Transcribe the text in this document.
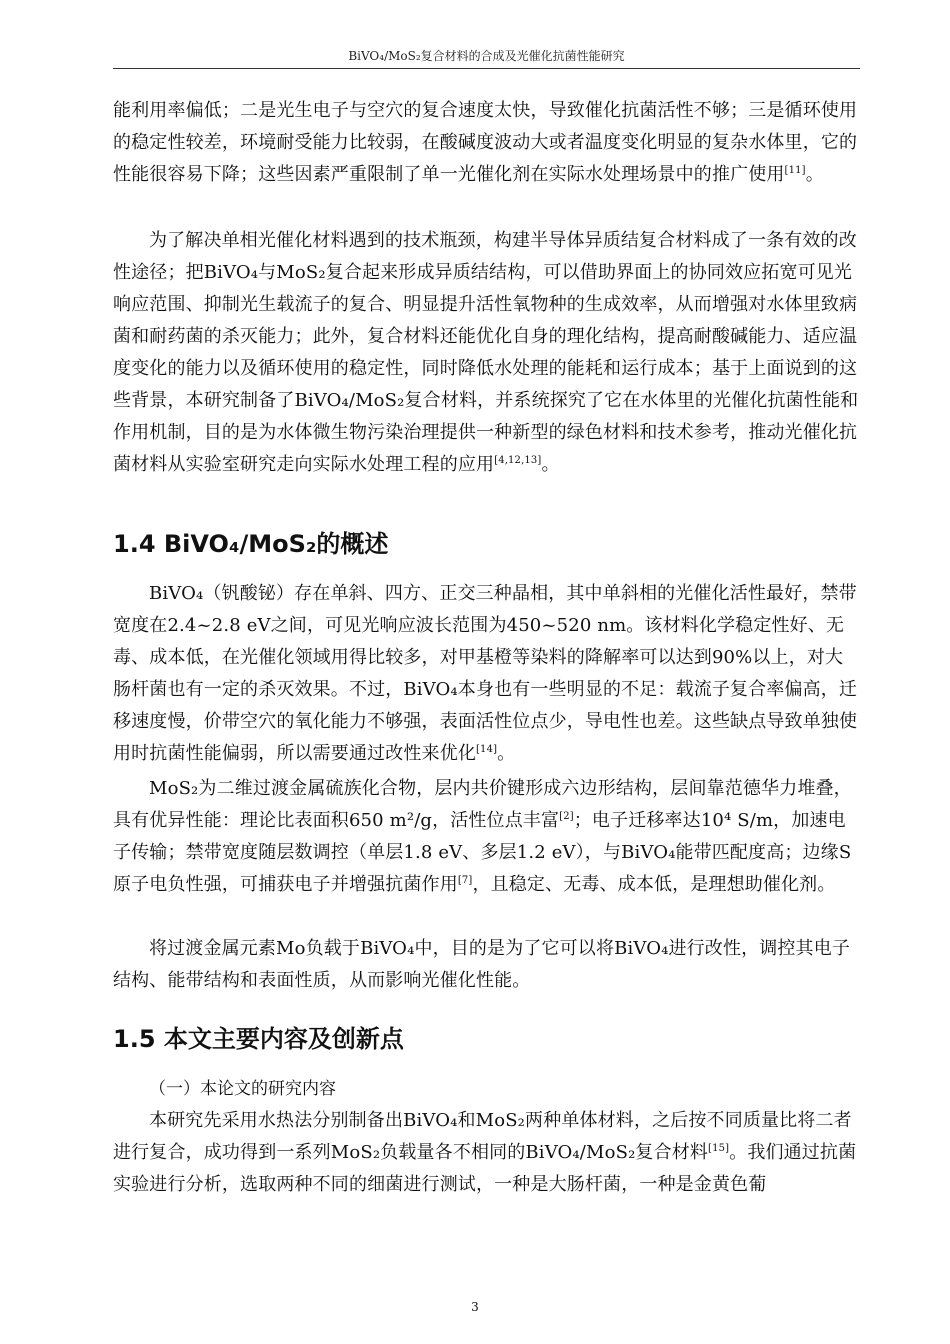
BiVO₄/MoS₂复合材料的合成及光催化抗菌性能研究
能利用率偏低；二是光生电子与空穴的复合速度太快，导致催化抗菌活性不够；三是循环使用的稳定性较差，环境耐受能力比较弱，在酸碱度波动大或者温度变化明显的复杂水体里，它的性能很容易下降；这些因素严重限制了单一光催化剂在实际水处理场景中的推广使用[11]。
为了解决单相光催化材料遇到的技术瓶颈，构建半导体异质结复合材料成了一条有效的改性途径；把BiVO₄与MoS₂复合起来形成异质结结构，可以借助界面上的协同效应拓宽可见光响应范围、抑制光生载流子的复合、明显提升活性氧物种的生成效率，从而增强对水体里致病菌和耐药菌的杀灭能力；此外，复合材料还能优化自身的理化结构，提高耐酸碱能力、适应温度变化的能力以及循环使用的稳定性，同时降低水处理的能耗和运行成本；基于上面说到的这些背景，本研究制备了BiVO₄/MoS₂复合材料，并系统探究了它在水体里的光催化抗菌性能和作用机制，目的是为水体微生物污染治理提供一种新型的绿色材料和技术参考，推动光催化抗菌材料从实验室研究走向实际水处理工程的应用[4,12,13]。
1.4 BiVO₄/MoS₂的概述
BiVO₄（钒酸铋）存在单斜、四方、正交三种晶相，其中单斜相的光催化活性最好，禁带宽度在2.4~2.8 eV之间，可见光响应波长范围为450~520 nm。该材料化学稳定性好、无毒、成本低，在光催化领域用得比较多，对甲基橙等染料的降解率可以达到90%以上，对大肠杆菌也有一定的杀灭效果。不过，BiVO₄本身也有一些明显的不足：载流子复合率偏高，迁移速度慢，价带空穴的氧化能力不够强，表面活性位点少，导电性也差。这些缺点导致单独使用时抗菌性能偏弱，所以需要通过改性来优化[14]。
MoS₂为二维过渡金属硫族化合物，层内共价键形成六边形结构，层间靠范德华力堆叠，具有优异性能：理论比表面积650 m²/g，活性位点丰富[2]；电子迁移率达10⁴ S/m，加速电子传输；禁带宽度随层数调控（单层1.8 eV、多层1.2 eV），与BiVO₄能带匹配度高；边缘S原子电负性强，可捕获电子并增强抗菌作用[7]，且稳定、无毒、成本低，是理想助催化剂。
将过渡金属元素Mo负载于BiVO₄中，目的是为了它可以将BiVO₄进行改性，调控其电子结构、能带结构和表面性质，从而影响光催化性能。
1.5 本文主要内容及创新点
（一）本论文的研究内容
本研究先采用水热法分别制备出BiVO₄和MoS₂两种单体材料，之后按不同质量比将二者进行复合，成功得到一系列MoS₂负载量各不相同的BiVO₄/MoS₂复合材料[15]。我们通过抗菌实验进行分析，选取两种不同的细菌进行测试，一种是大肠杆菌，一种是金黄色葡
3
